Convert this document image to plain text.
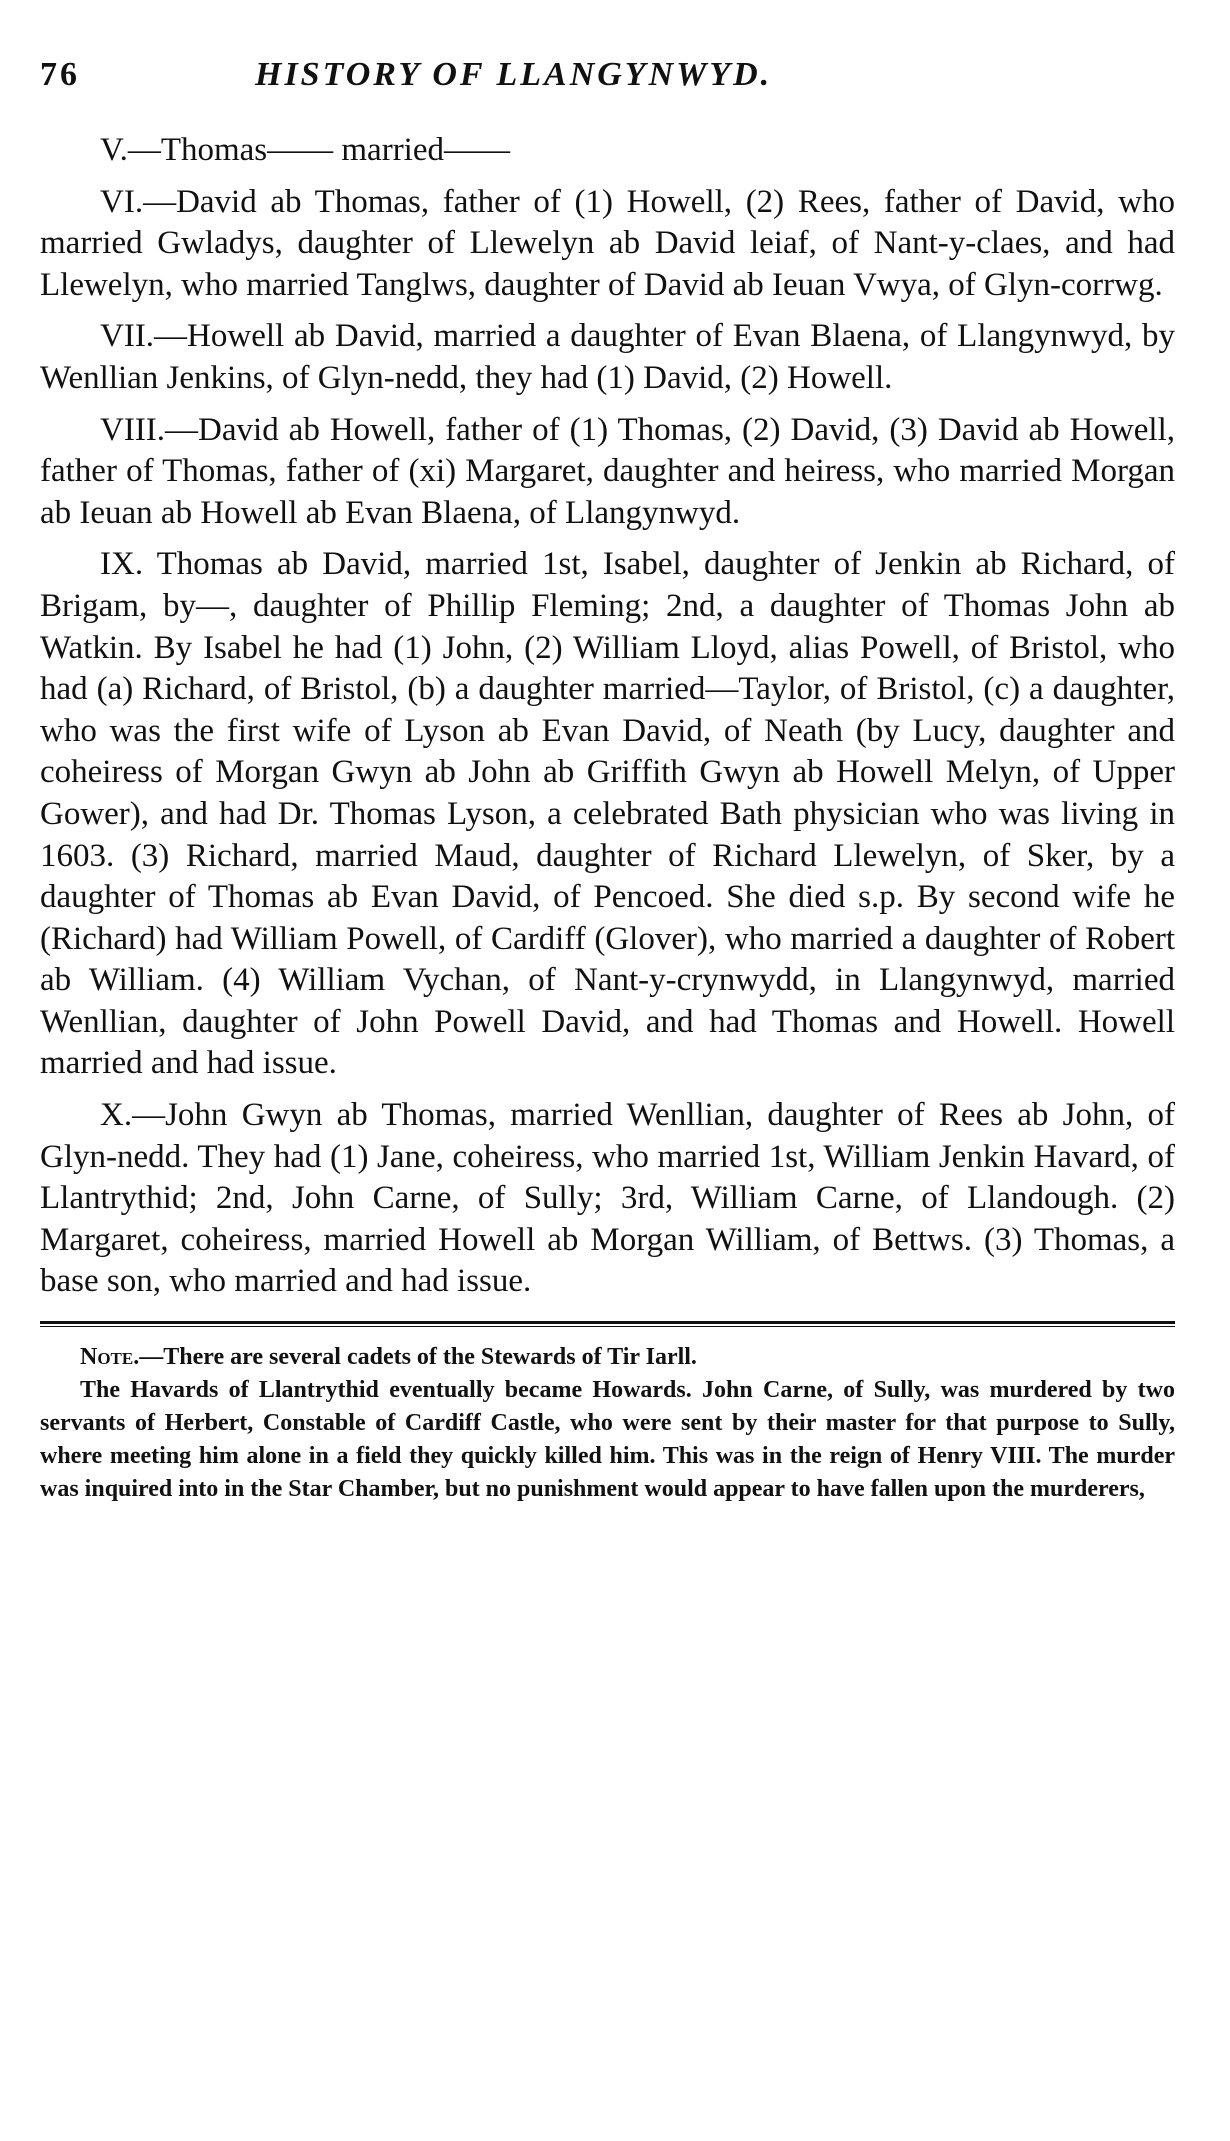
76	HISTORY OF LLANGYNWYD.

V.—Thomas—— married——

VI.—David ab Thomas, father of (1) Howell, (2) Rees, father of David, who married Gwladys, daughter of Llewelyn ab David leiaf, of Nant-y-claes, and had Llewelyn, who married Tanglws, daughter of David ab Ieuan Vwya, of Glyn-corrwg.

VII.—Howell ab David, married a daughter of Evan Blaena, of Llangynwyd, by Wenllian Jenkins, of Glyn-nedd, they had (1) David, (2) Howell.

VIII.—David ab Howell, father of (1) Thomas, (2) David, (3) David ab Howell, father of Thomas, father of (xi) Margaret, daughter and heiress, who married Morgan ab Ieuan ab Howell ab Evan Blaena, of Llangynwyd.

IX. Thomas ab David, married 1st, Isabel, daughter of Jenkin ab Richard, of Brigam, by—, daughter of Phillip Fleming; 2nd, a daughter of Thomas John ab Watkin. By Isabel he had (1) John, (2) William Lloyd, alias Powell, of Bristol, who had (a) Richard, of Bristol, (b) a daughter married—Taylor, of Bristol, (c) a daughter, who was the first wife of Lyson ab Evan David, of Neath (by Lucy, daughter and coheiress of Morgan Gwyn ab John ab Griffith Gwyn ab Howell Melyn, of Upper Gower), and had Dr. Thomas Lyson, a celebrated Bath physician who was living in 1603. (3) Richard, married Maud, daughter of Richard Llewelyn, of Sker, by a daughter of Thomas ab Evan David, of Pencoed. She died s.p. By second wife he (Richard) had William Powell, of Cardiff (Glover), who married a daughter of Robert ab William. (4) William Vychan, of Nant-y-crynwydd, in Llangynwyd, married Wenllian, daughter of John Powell David, and had Thomas and Howell. Howell married and had issue.

X.—John Gwyn ab Thomas, married Wenllian, daughter of Rees ab John, of Glyn-nedd. They had (1) Jane, coheiress, who married 1st, William Jenkin Havard, of Llantrythid; 2nd, John Carne, of Sully; 3rd, William Carne, of Llandough. (2) Margaret, coheiress, married Howell ab Morgan William, of Bettws. (3) Thomas, a base son, who married and had issue.

Note.—There are several cadets of the Stewards of Tir Iarll.

The Havards of Llantrythid eventually became Howards. John Carne, of Sully, was murdered by two servants of Herbert, Constable of Cardiff Castle, who were sent by their master for that purpose to Sully, where meeting him alone in a field they quickly killed him. This was in the reign of Henry VIII. The murder was inquired into in the Star Chamber, but no punishment would appear to have fallen upon the murderers,
